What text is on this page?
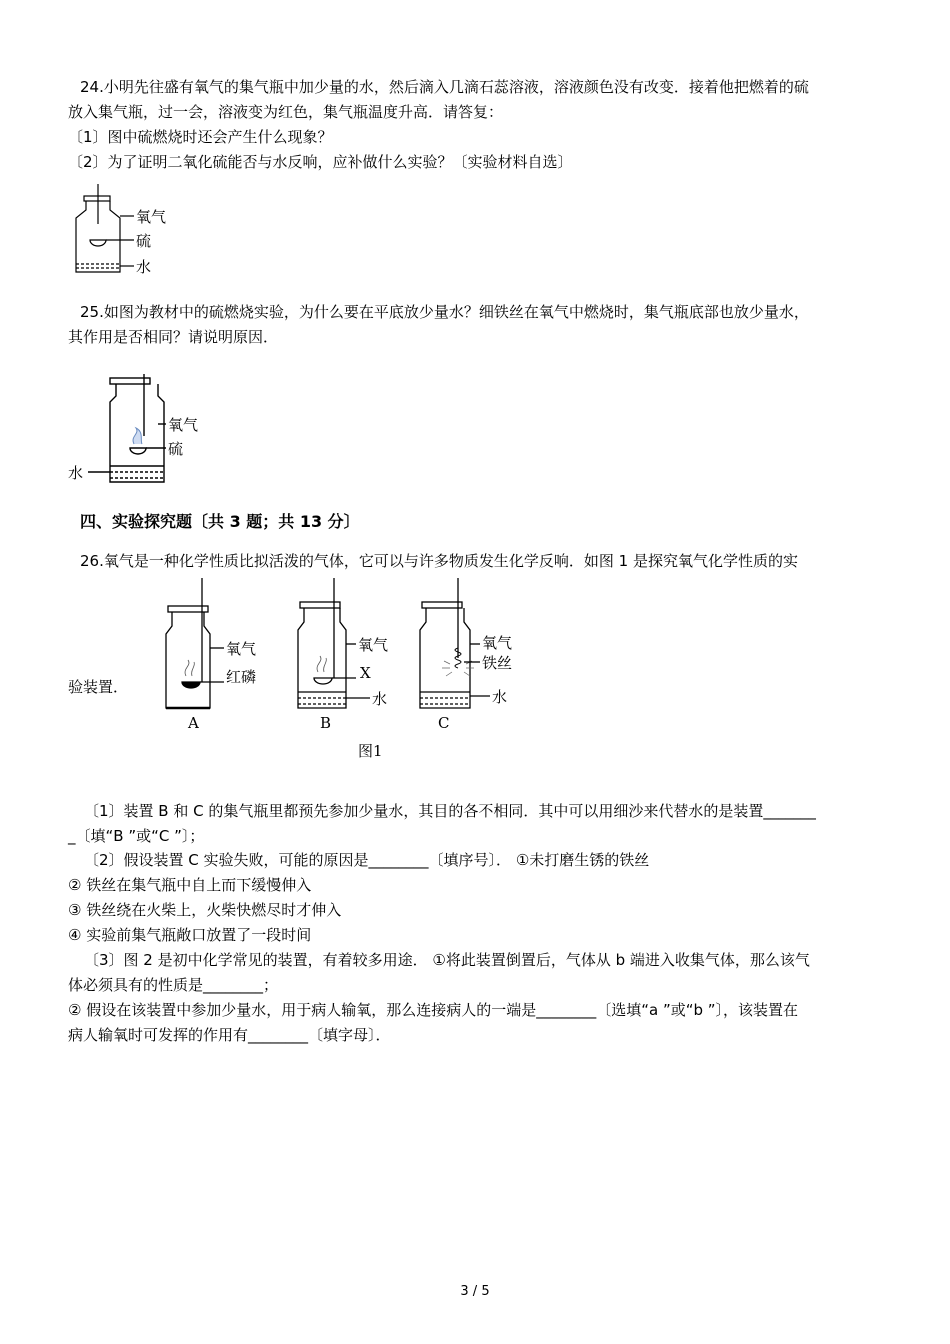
24.小明先往盛有氧气的集气瓶中加少量的水，然后滴入几滴石蕊溶液，溶液颜色没有改变．接着他把燃着的硫
放入集气瓶，过一会，溶液变为红色，集气瓶温度升高．请答复：
〔1〕图中硫燃烧时还会产生什么现象？
〔2〕为了证明二氧化硫能否与水反响，应补做什么实验？〔实验材料自选〕
氧气
硫
水
25.如图为教材中的硫燃烧实验，为什么要在平底放少量水？细铁丝在氧气中燃烧时，集气瓶底部也放少量水，
其作用是否相同？请说明原因．
氧气
硫
水
四、实验探究题〔共 3 题；共 13 分〕
26.氧气是一种化学性质比拟活泼的气体，它可以与许多物质发生化学反响．如图 1 是探究氧气化学性质的实
验装置．
氧气
红磷
A
氧气
X
水
B
氧气
铁丝
水
C
图1
〔1〕装置 B 和 C 的集气瓶里都预先参加少量水，其目的各不相同．其中可以用细沙来代替水的是装置_______
_〔填“B ”或“C ”〕；
〔2〕假设装置 C 实验失败，可能的原因是________〔填序号〕． ①未打磨生锈的铁丝
② 铁丝在集气瓶中自上而下缓慢伸入
③ 铁丝绕在火柴上，火柴快燃尽时才伸入
④ 实验前集气瓶敞口放置了一段时间
〔3〕图 2 是初中化学常见的装置，有着较多用途． ①将此装置倒置后，气体从 b 端进入收集气体，那么该气
体必须具有的性质是________；
② 假设在该装置中参加少量水，用于病人输氧，那么连接病人的一端是________〔选填“a ”或“b ”〕，该装置在
病人输氧时可发挥的作用有________〔填字母〕．
3 / 5
